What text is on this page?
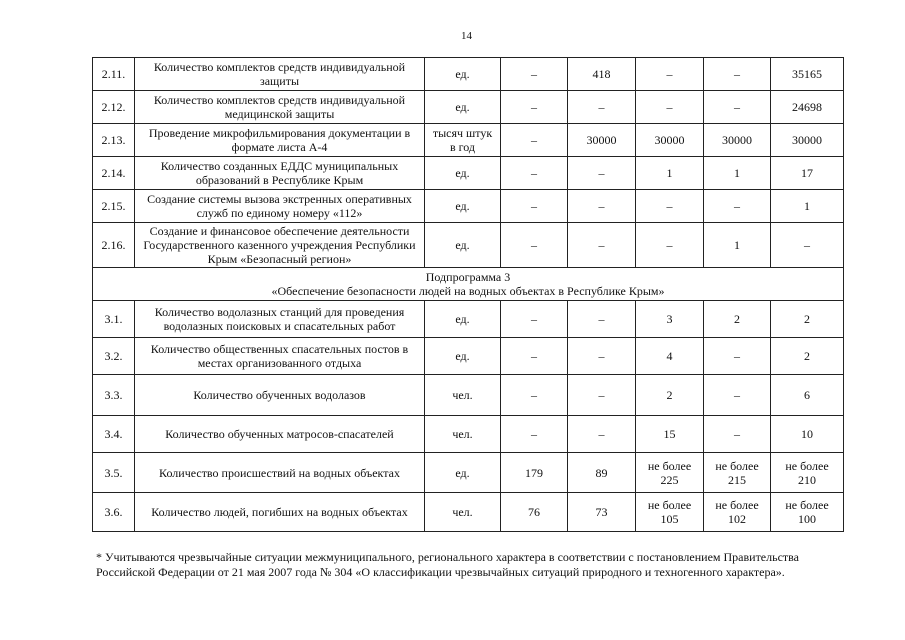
14
2.11.	Количество комплектов средств индивидуальной защиты	ед.	–	418	–	–	35165
2.12.	Количество комплектов средств индивидуальной медицинской защиты	ед.	–	–	–	–	24698
2.13.	Проведение микрофильмирования документации в формате листа А-4	тысяч штук в год	–	30000	30000	30000	30000
2.14.	Количество созданных ЕДДС муниципальных образований в Республике Крым	ед.	–	–	1	1	17
2.15.	Создание системы вызова экстренных оперативных служб по единому номеру «112»	ед.	–	–	–	–	1
2.16.	Создание и финансовое обеспечение деятельности Государственного казенного учреждения Республики Крым «Безопасный регион»	ед.	–	–	–	1	–

Подпрограмма 3
«Обеспечение безопасности людей на водных объектах в Республике Крым»							

3.1.	Количество водолазных станций для проведения водолазных поисковых и спасательных работ	ед.	–	–	3	2	2
3.2.	Количество общественных спасательных постов в местах организованного отдыха	ед.	–	–	4	–	2
3.3.	Количество обученных водолазов	чел.	–	–	2	–	6
3.4.	Количество обученных матросов-спасателей	чел.	–	–	15	–	10
3.5.	Количество происшествий на водных объектах	ед.	179	89	не более 225	не более 215	не более 210
3.6.	Количество людей, погибших на водных объектах	чел.	76	73	не более 105	не более 102	не более 100
* Учитываются чрезвычайные ситуации межмуниципального, регионального характера в соответствии с постановлением Правительства Российской Федерации от 21 мая 2007 года № 304 «О классификации чрезвычайных ситуаций природного и техногенного характера».
